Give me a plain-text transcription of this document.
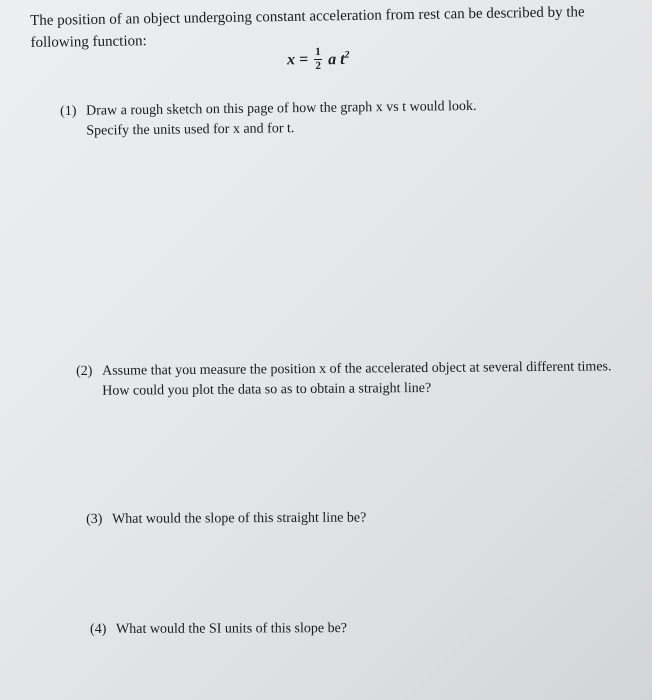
The position of an object undergoing constant acceleration from rest can be described by the
following function:
$x = \frac{1}{2}$ a $t^2$
(1) Draw a rough sketch on this page of how the graph x vs t would look.
Specify the units used for x and for t.
(2) Assume that you measure the position x of the accelerated object at several different times.
How could you plot the data so as to obtain a straight line?
(3) What would the slope of this straight line be?
(4) What would the SI units of this slope be?
